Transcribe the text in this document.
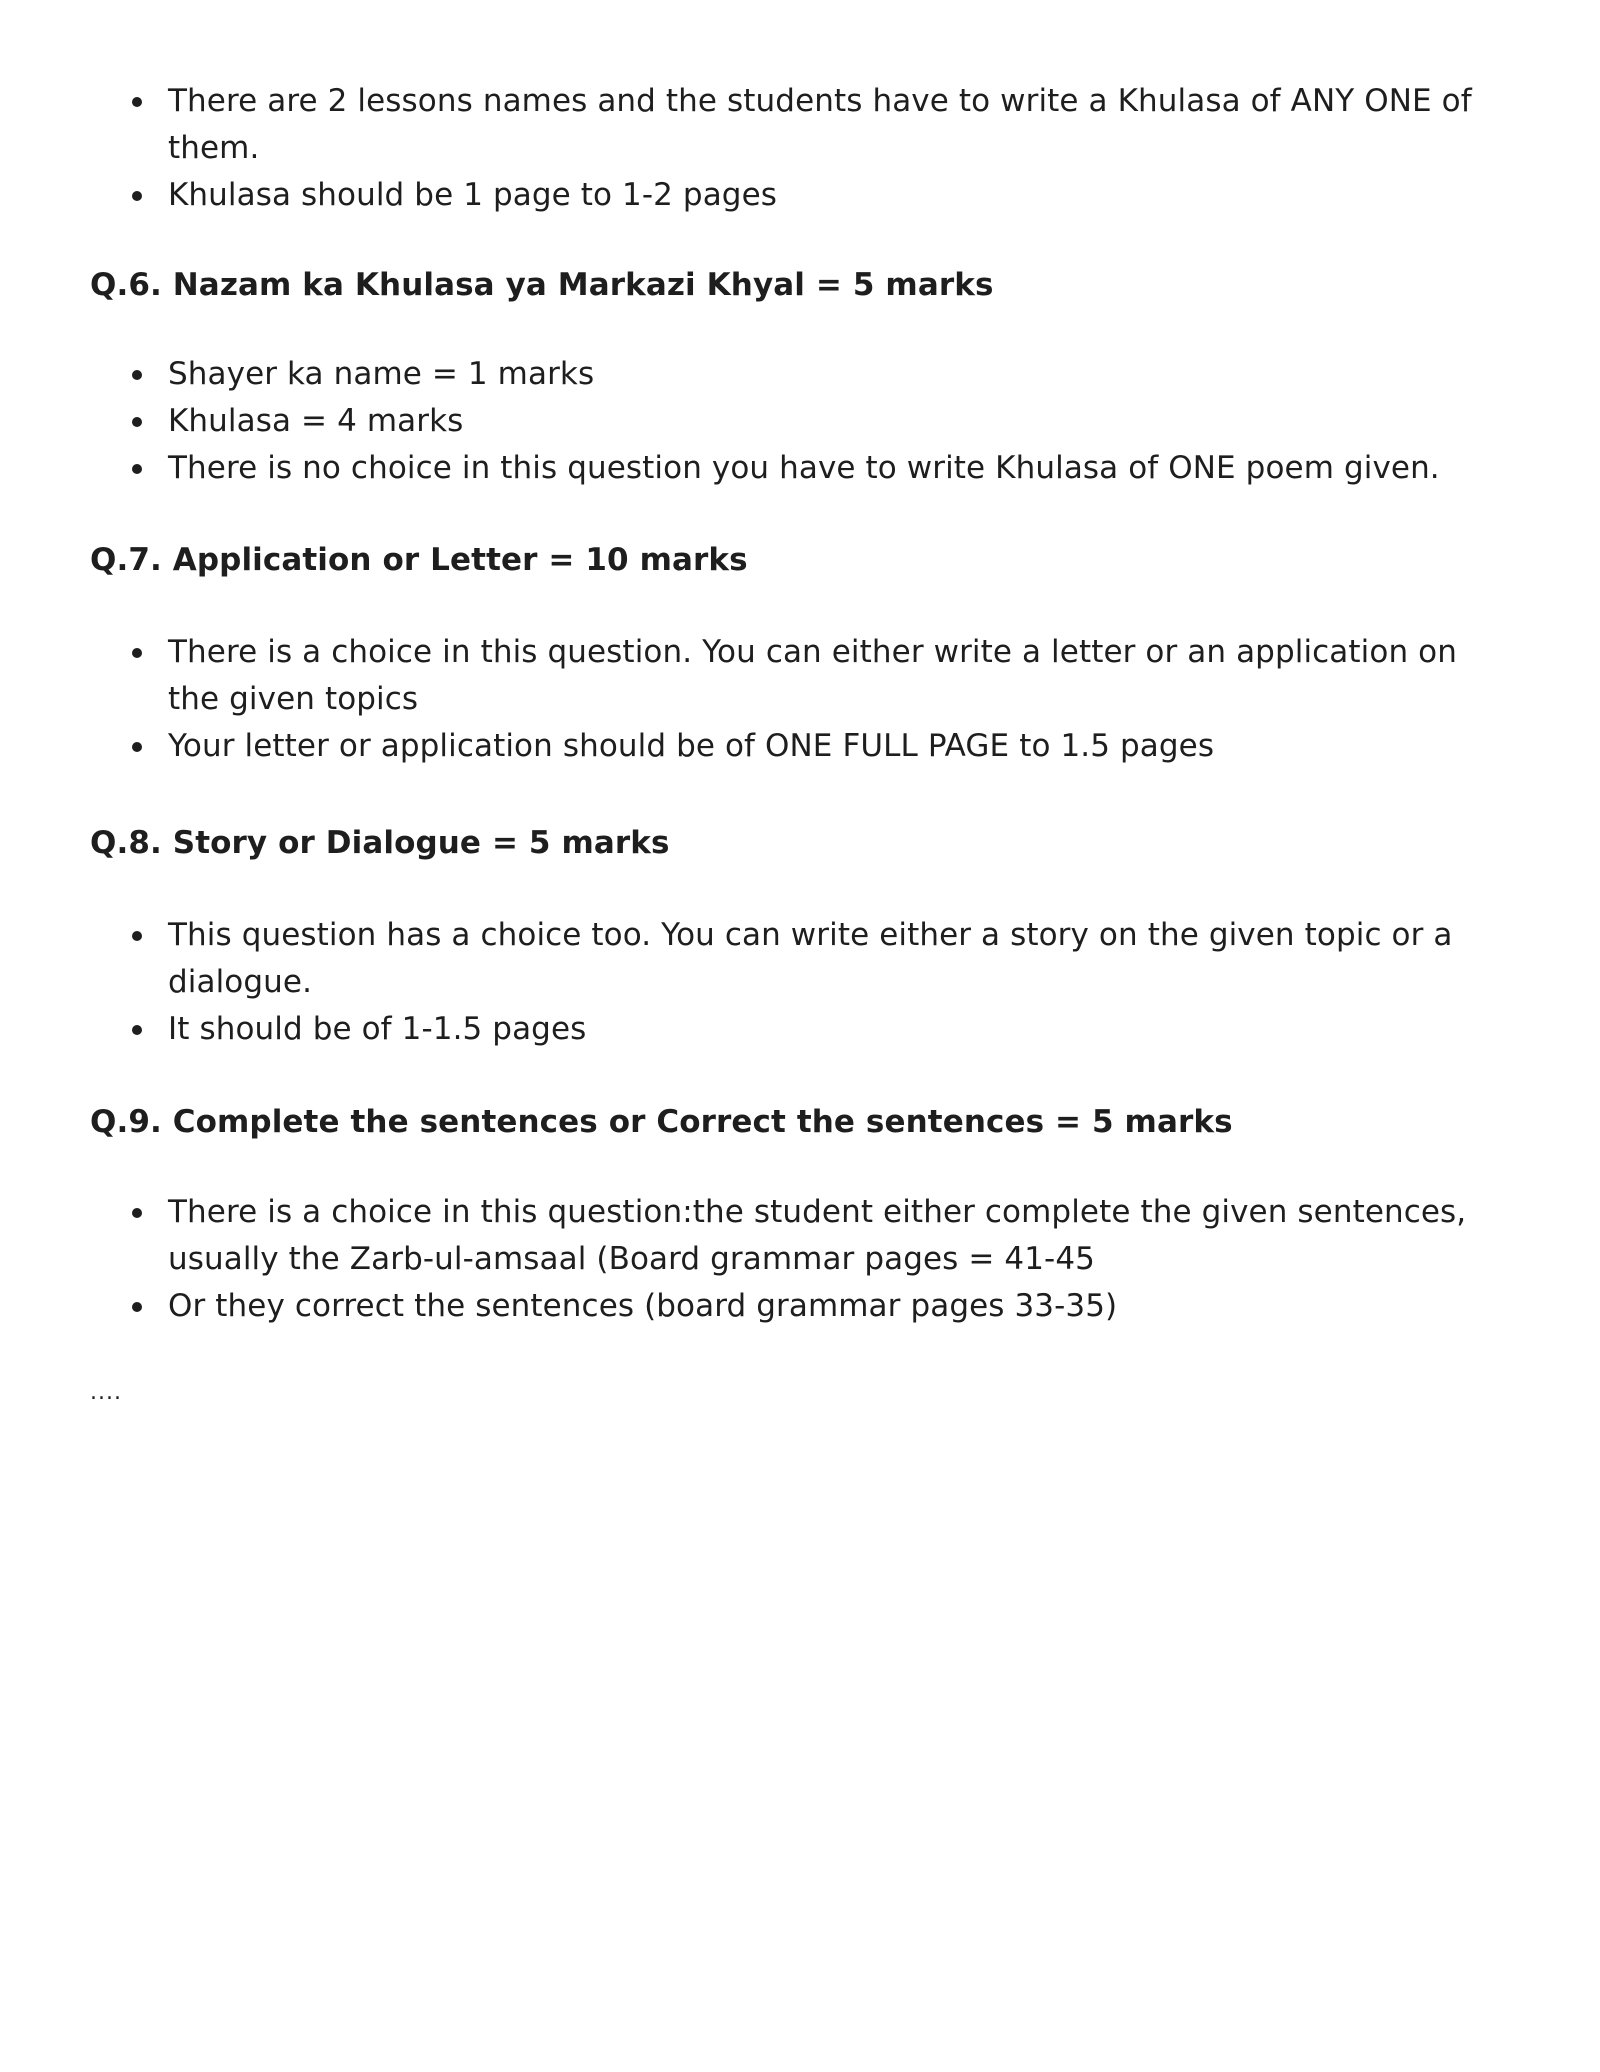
There are 2 lessons names and the students have to write a Khulasa of ANY ONE of them.
Khulasa should be 1 page to 1-2 pages
Q.6. Nazam ka Khulasa ya Markazi Khyal = 5 marks
Shayer ka name = 1 marks
Khulasa = 4 marks
There is no choice in this question you have to write Khulasa of ONE poem given.
Q.7. Application or Letter = 10 marks
There is a choice in this question. You can either write a letter or an application on the given topics
Your letter or application should be of ONE FULL PAGE to 1.5 pages
Q.8. Story or Dialogue = 5 marks
This question has a choice too. You can write either a story on the given topic or a dialogue.
It should be of 1-1.5 pages
Q.9. Complete the sentences or Correct the sentences = 5 marks
There is a choice in this question:the student either complete the given sentences, usually the Zarb-ul-amsaal (Board grammar pages = 41-45
Or they correct the sentences (board grammar pages 33-35)
....
